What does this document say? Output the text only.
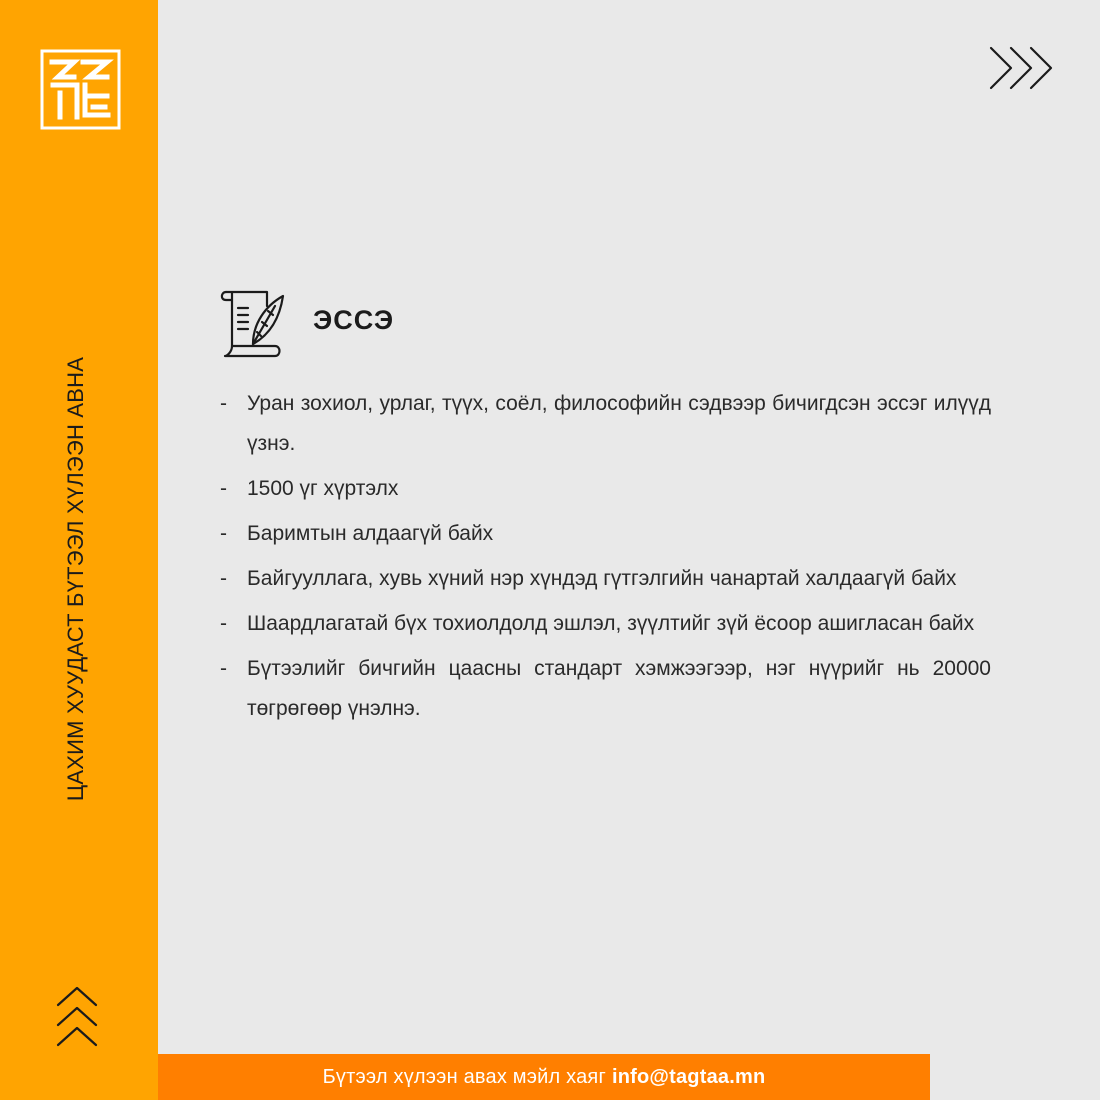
ЦАХИМ ХУУДАСТ БҮТЭЭЛ ХҮЛЭЭН АВНА
ЭССЭ
- Уран зохиол, урлаг, түүх, соёл, философийн сэдвээр бичигдсэн эссэг илүүд үзнэ.
- 1500 үг хүртэлх
- Баримтын алдаагүй байх
- Байгууллага, хувь хүний нэр хүндэд гүтгэлгийн чанартай халдаагүй байх
- Шаардлагатай бүх тохиолдолд эшлэл, зүүлтийг зүй ёсоор ашигласан байх
- Бүтээлийг бичгийн цаасны стандарт хэмжээгээр, нэг нүүрийг нь 20000 төгрөгөөр үнэлнэ.
Бүтээл хүлээн авах мэйл хаяг info@tagtaa.mn
